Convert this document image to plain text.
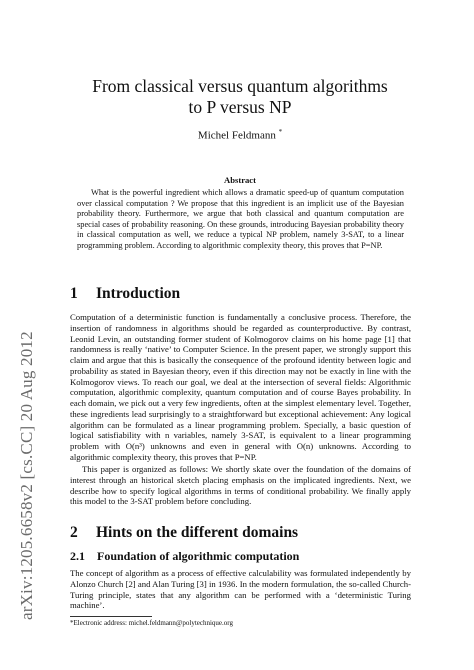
arXiv:1205.6658v2 [cs.CC] 20 Aug 2012
From classical versus quantum algorithms
to P versus NP
Michel Feldmann *
Abstract

What is the powerful ingredient which allows a dramatic speed-up of quantum computation over classical computation ? We propose that this ingredient is an implicit use of the Bayesian probability theory. Furthermore, we argue that both classical and quantum computation are special cases of probability reasoning. On these grounds, introducing Bayesian probability theory in classical computation as well, we reduce a typical NP problem, namely 3-SAT, to a linear programming problem. According to algorithmic complexity theory, this proves that P=NP.

1 Introduction

Computation of a deterministic function is fundamentally a conclusive process. Therefore, the insertion of randomness in algorithms should be regarded as counterproductive. By contrast, Leonid Levin, an outstanding former student of Kolmogorov claims on his home page [1] that randomness is really ‘native’ to Computer Science. In the present paper, we strongly support this claim and argue that this is basically the consequence of the profound identity between logic and probability as stated in Bayesian theory, even if this direction may not be exactly in line with the Kolmogorov views. To reach our goal, we deal at the intersection of several fields: Algorithmic computation, algorithmic complexity, quantum computation and of course Bayes probability. In each domain, we pick out a very few ingredients, often at the simplest elementary level. Together, these ingredients lead surprisingly to a straightforward but exceptional achievement: Any logical algorithm can be formulated as a linear programming problem. Specially, a basic question of logical satisfiability with n variables, namely 3-SAT, is equivalent to a linear programming problem with O(n³) unknowns and even in general with O(n) unknowns. According to algorithmic complexity theory, this proves that P=NP.

This paper is organized as follows: We shortly skate over the foundation of the domains of interest through an historical sketch placing emphasis on the implicated ingredients. Next, we describe how to specify logical algorithms in terms of conditional probability. We finally apply this model to the 3-SAT problem before concluding.

2 Hints on the different domains
2.1 Foundation of algorithmic computation

The concept of algorithm as a process of effective calculability was formulated independently by Alonzo Church [2] and Alan Turing [3] in 1936. In the modern formulation, the so-called Church-Turing principle, states that any algorithm can be performed with a ‘deterministic Turing machine’.

*Electronic address: michel.feldmann@polytechnique.org
